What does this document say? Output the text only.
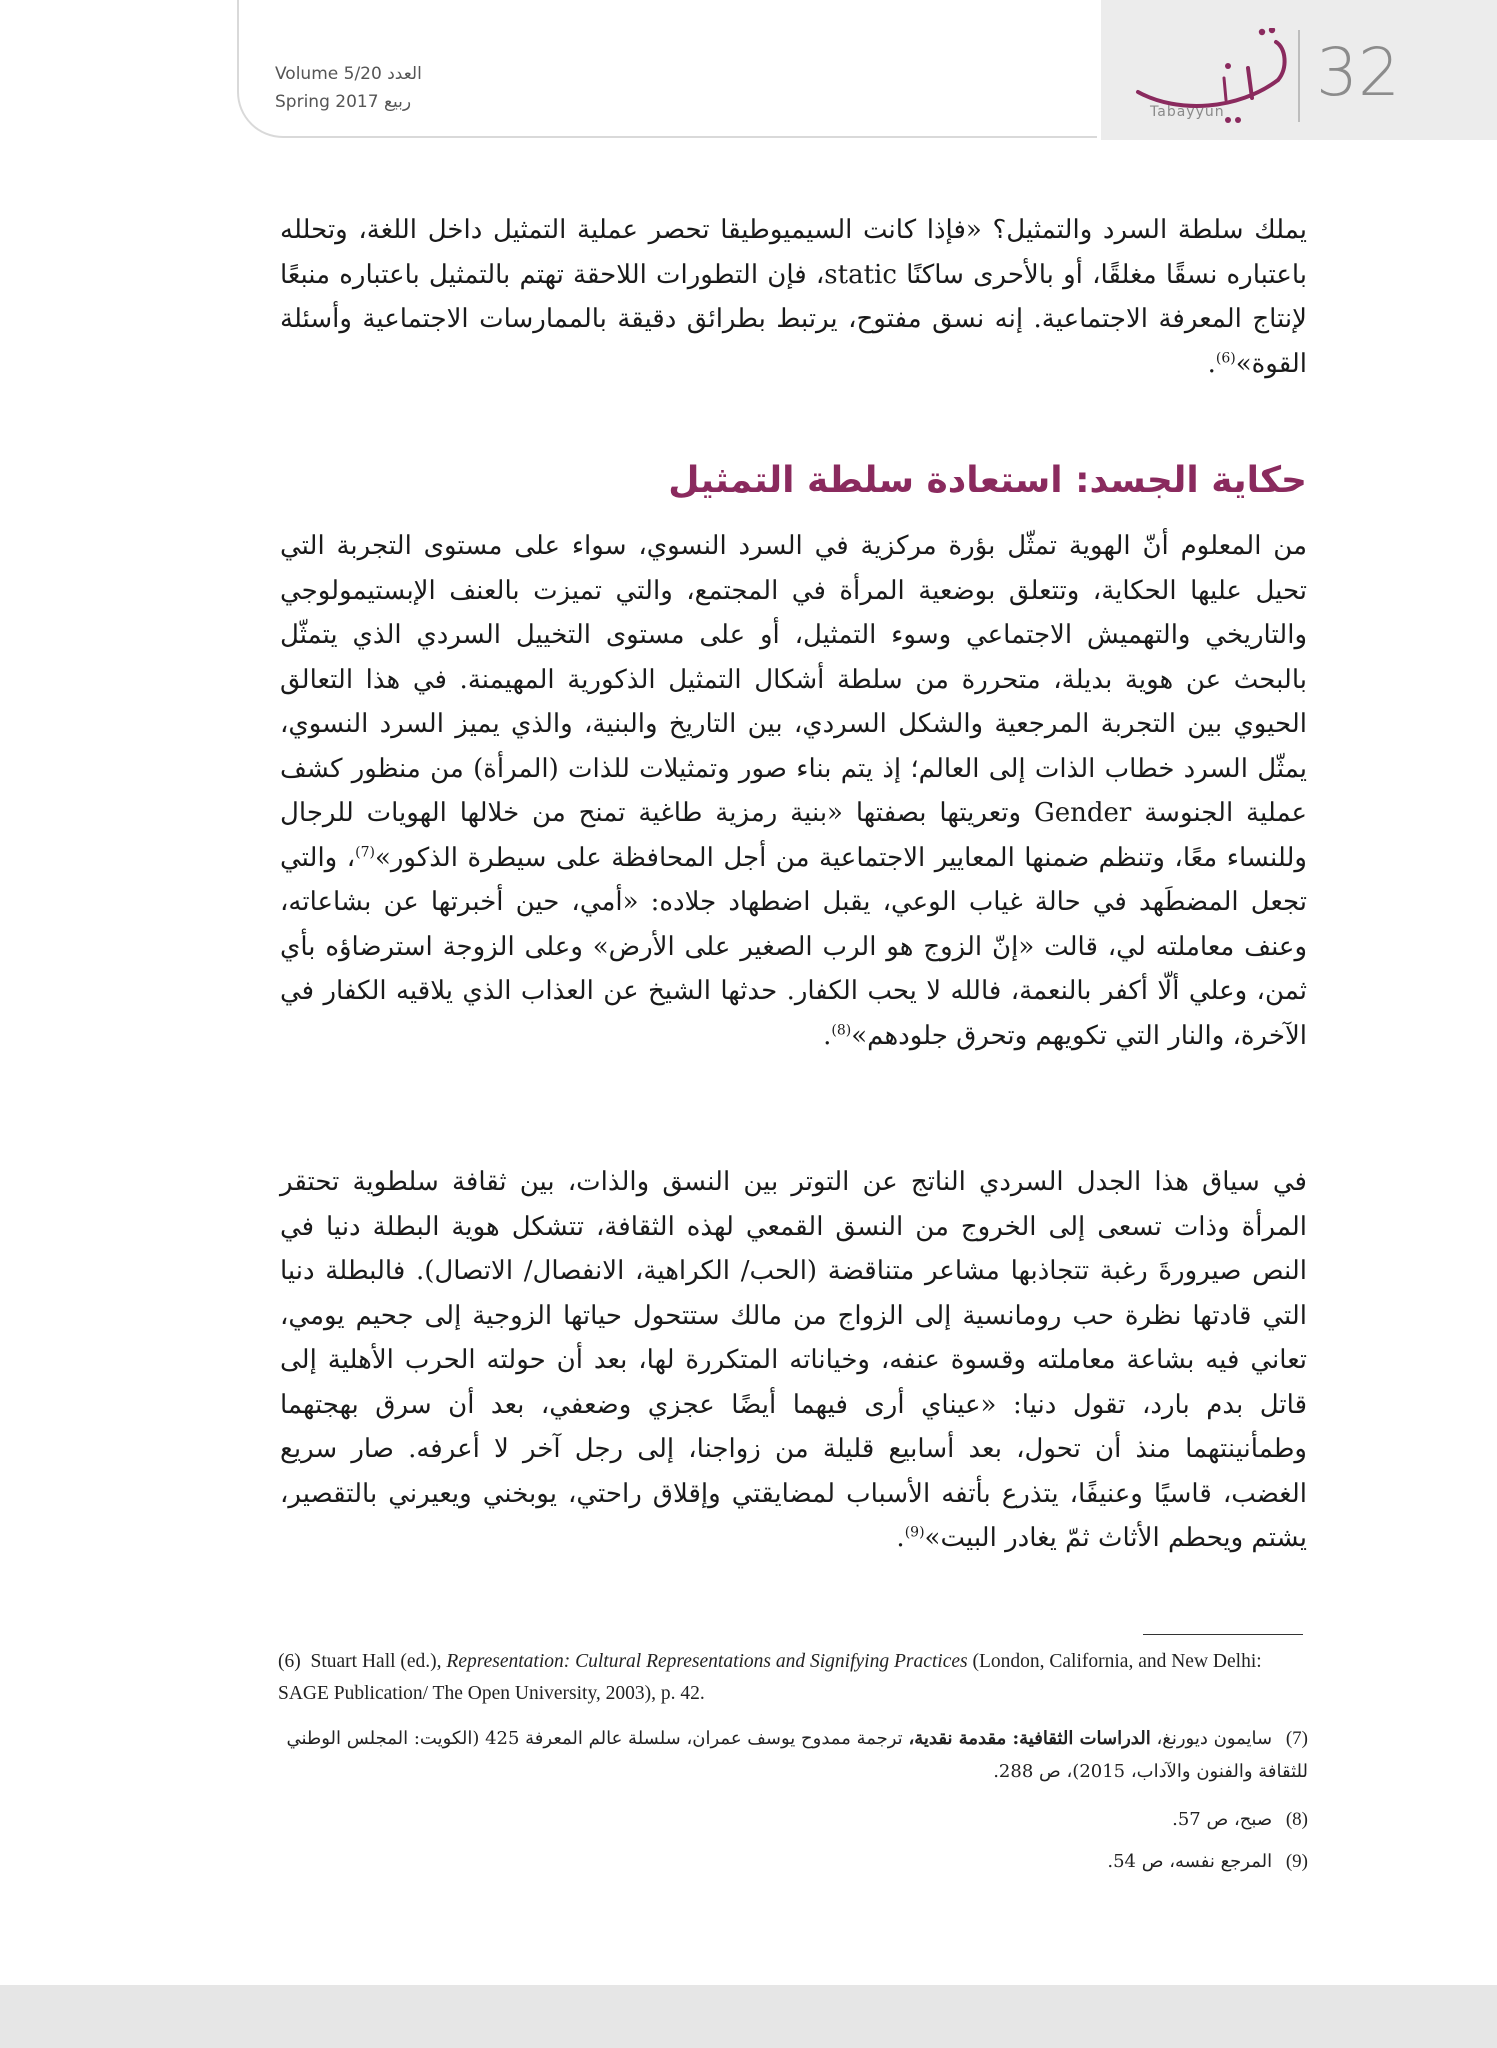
Volume 5/20 العدد
Spring 2017 ربيع	Tabayyun
32

يملك سلطة السرد والتمثيل؟ «فإذا كانت السيميوطيقا تحصر عملية التمثيل داخل اللغة، وتحلله باعتباره نسقًا مغلقًا، أو بالأحرى ساكنًا static، فإن التطورات اللاحقة تهتم بالتمثيل باعتباره منبعًا لإنتاج المعرفة الاجتماعية. إنه نسق مفتوح، يرتبط بطرائق دقيقة بالممارسات الاجتماعية وأسئلة القوة»$^{(6)}$.

حكاية الجسد: استعادة سلطة التمثيل

من المعلوم أنّ الهوية تمثّل بؤرة مركزية في السرد النسوي، سواء على مستوى التجربة التي تحيل عليها الحكاية، وتتعلق بوضعية المرأة في المجتمع، والتي تميزت بالعنف الإبستيمولوجي والتاريخي والتهميش الاجتماعي وسوء التمثيل، أو على مستوى التخييل السردي الذي يتمثّل بالبحث عن هوية بديلة، متحررة من سلطة أشكال التمثيل الذكورية المهيمنة. في هذا التعالق الحيوي بين التجربة المرجعية والشكل السردي، بين التاريخ والبنية، والذي يميز السرد النسوي، يمثّل السرد خطاب الذات إلى العالم؛ إذ يتم بناء صور وتمثيلات للذات (المرأة) من منظور كشف عملية الجنوسة Gender وتعريتها بصفتها «بنية رمزية طاغية تمنح من خلالها الهويات للرجال وللنساء معًا، وتنظم ضمنها المعايير الاجتماعية من أجل المحافظة على سيطرة الذكور»$^{(7)}$، والتي تجعل المضطَهد في حالة غياب الوعي، يقبل اضطهاد جلاده: «أمي، حين أخبرتها عن بشاعاته، وعنف معاملته لي، قالت «إنّ الزوج هو الرب الصغير على الأرض» وعلى الزوجة استرضاؤه بأي ثمن، وعلي ألّا أكفر بالنعمة، فالله لا يحب الكفار. حدثها الشيخ عن العذاب الذي يلاقيه الكفار في الآخرة، والنار التي تكويهم وتحرق جلودهم»$^{(8)}$.

في سياق هذا الجدل السردي الناتج عن التوتر بين النسق والذات، بين ثقافة سلطوية تحتقر المرأة وذات تسعى إلى الخروج من النسق القمعي لهذه الثقافة، تتشكل هوية البطلة دنيا في النص صيرورةَ رغبة تتجاذبها مشاعر متناقضة (الحب/ الكراهية، الانفصال/ الاتصال). فالبطلة دنيا التي قادتها نظرة حب رومانسية إلى الزواج من مالك ستتحول حياتها الزوجية إلى جحيم يومي، تعاني فيه بشاعة معاملته وقسوة عنفه، وخياناته المتكررة لها، بعد أن حولته الحرب الأهلية إلى قاتل بدم بارد، تقول دنيا: «عيناي أرى فيهما أيضًا عجزي وضعفي، بعد أن سرق بهجتهما وطمأنينتهما منذ أن تحول، بعد أسابيع قليلة من زواجنا، إلى رجل آخر لا أعرفه. صار سريع الغضب، قاسيًا وعنيفًا، يتذرع بأتفه الأسباب لمضايقتي وإقلاق راحتي، يوبخني ويعيرني بالتقصير، يشتم ويحطم الأثاث ثمّ يغادر البيت»$^{(9)}$.

(6) Stuart Hall (ed.), Representation: Cultural Representations and Signifying Practices (London, California, and New Delhi: SAGE Publication/ The Open University, 2003), p. 42.
(7) سايمون ديورنغ، الدراسات الثقافية: مقدمة نقدية، ترجمة ممدوح يوسف عمران، سلسلة عالم المعرفة 425 (الكويت: المجلس الوطني للثقافة والفنون والآداب، 2015)، ص 288.
(8) صبح، ص 57.
(9) المرجع نفسه، ص 54.
